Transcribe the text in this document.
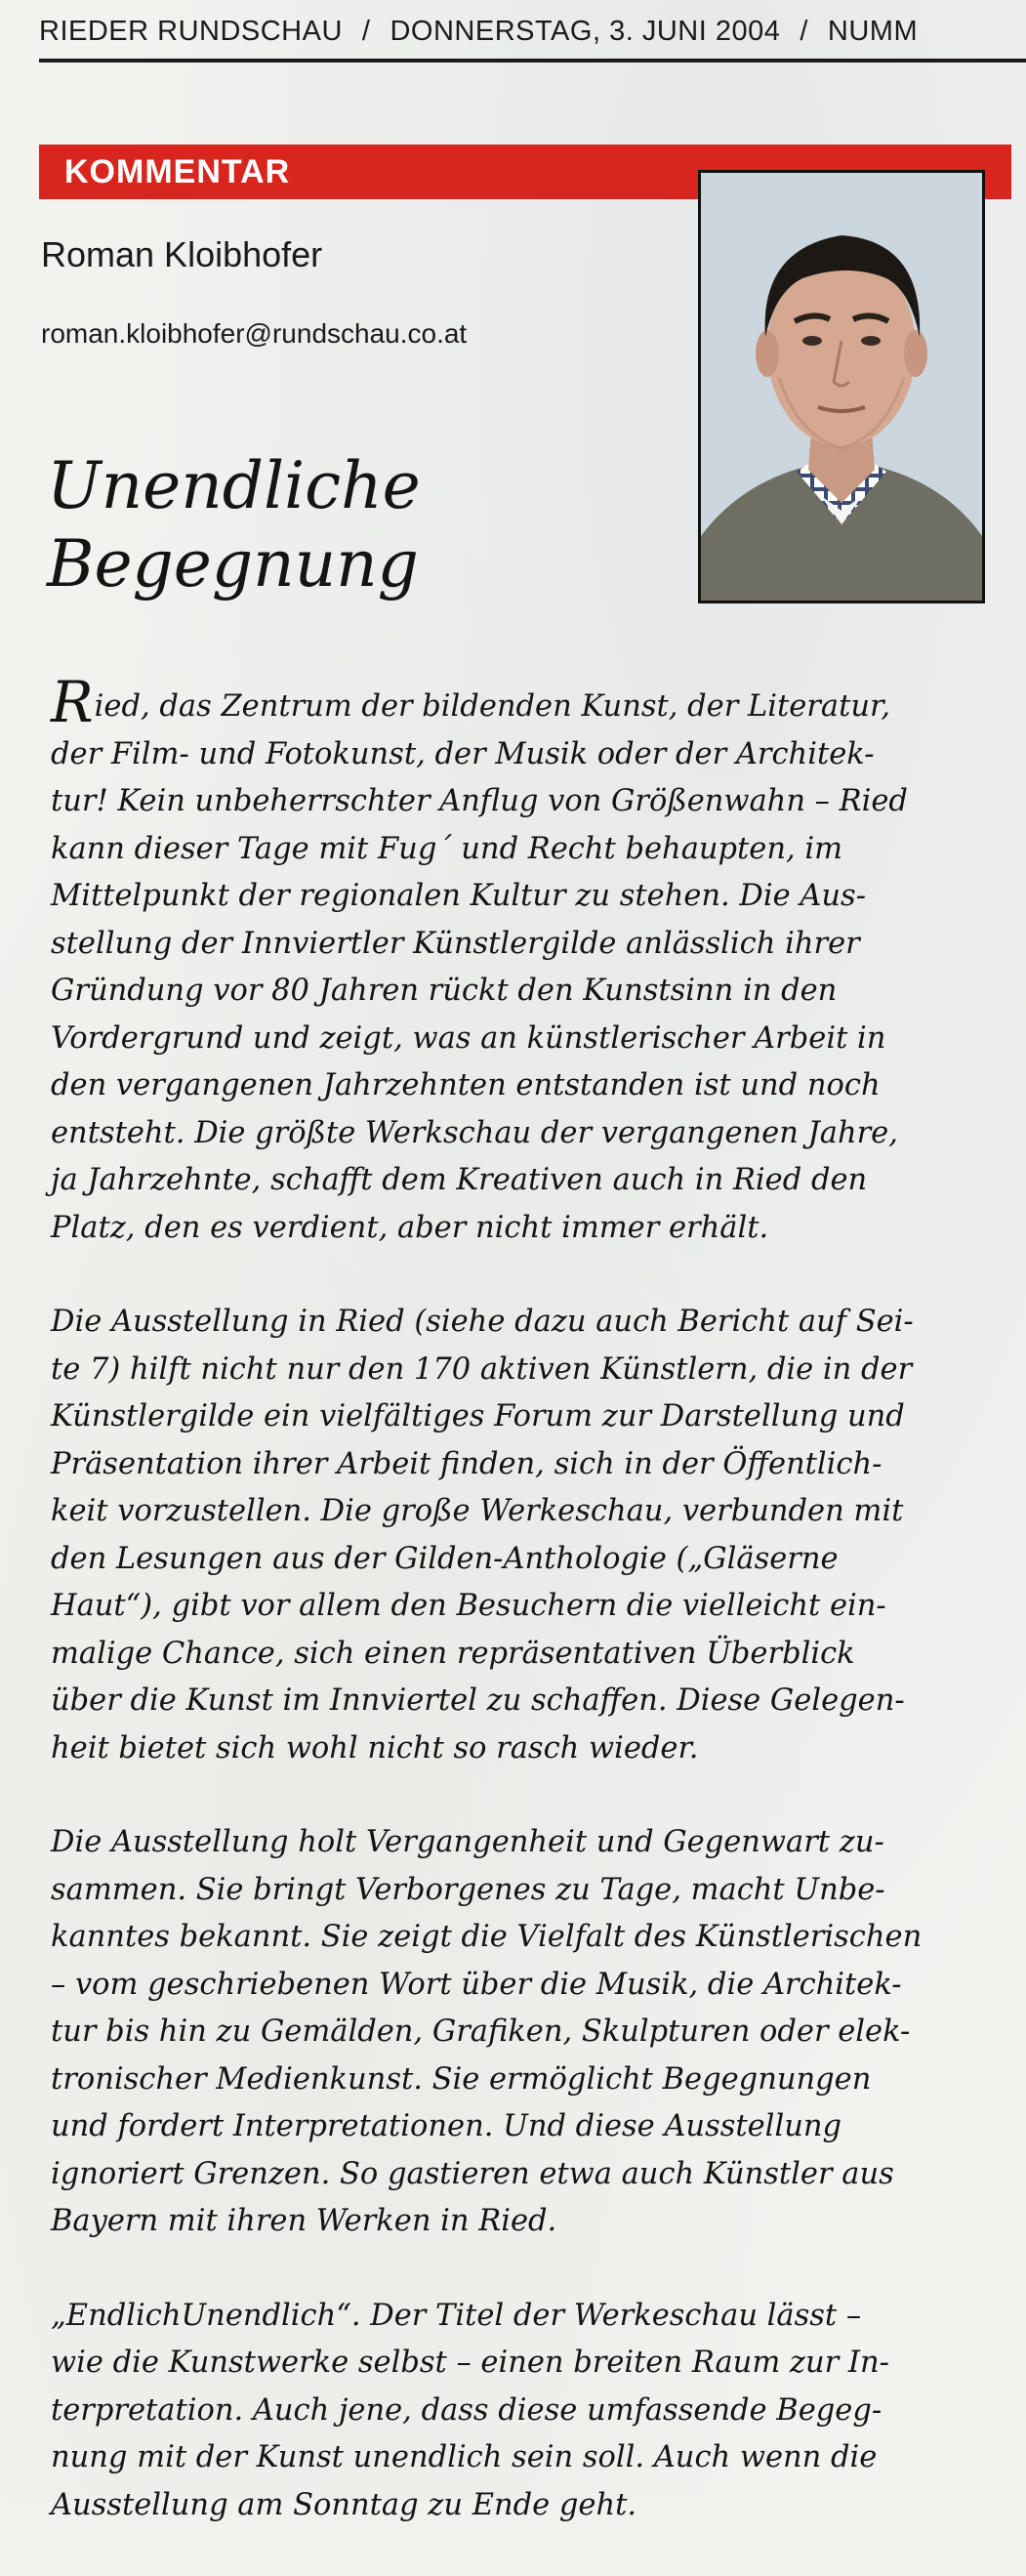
RIEDER RUNDSCHAU / DONNERSTAG, 3. JUNI 2004 / NUMM
KOMMENTAR
Roman Kloibhofer
roman.kloibhofer@rundschau.co.at
Unendliche
Begegnung
Ried, das Zentrum der bildenden Kunst, der Literatur,
der Film- und Fotokunst, der Musik oder der Architek-
tur! Kein unbeherrschter Anflug von Größenwahn – Ried
kann dieser Tage mit Fug´ und Recht behaupten, im
Mittelpunkt der regionalen Kultur zu stehen. Die Aus-
stellung der Innviertler Künstlergilde anlässlich ihrer
Gründung vor 80 Jahren rückt den Kunstsinn in den
Vordergrund und zeigt, was an künstlerischer Arbeit in
den vergangenen Jahrzehnten entstanden ist und noch
entsteht. Die größte Werkschau der vergangenen Jahre,
ja Jahrzehnte, schafft dem Kreativen auch in Ried den
Platz, den es verdient, aber nicht immer erhält.
Die Ausstellung in Ried (siehe dazu auch Bericht auf Sei-
te 7) hilft nicht nur den 170 aktiven Künstlern, die in der
Künstlergilde ein vielfältiges Forum zur Darstellung und
Präsentation ihrer Arbeit finden, sich in der Öffentlich-
keit vorzustellen. Die große Werkeschau, verbunden mit
den Lesungen aus der Gilden-Anthologie („Gläserne
Haut“), gibt vor allem den Besuchern die vielleicht ein-
malige Chance, sich einen repräsentativen Überblick
über die Kunst im Innviertel zu schaffen. Diese Gelegen-
heit bietet sich wohl nicht so rasch wieder.
Die Ausstellung holt Vergangenheit und Gegenwart zu-
sammen. Sie bringt Verborgenes zu Tage, macht Unbe-
kanntes bekannt. Sie zeigt die Vielfalt des Künstlerischen
– vom geschriebenen Wort über die Musik, die Architek-
tur bis hin zu Gemälden, Grafiken, Skulpturen oder elek-
tronischer Medienkunst. Sie ermöglicht Begegnungen
und fordert Interpretationen. Und diese Ausstellung
ignoriert Grenzen. So gastieren etwa auch Künstler aus
Bayern mit ihren Werken in Ried.
„EndlichUnendlich“. Der Titel der Werkeschau lässt –
wie die Kunstwerke selbst – einen breiten Raum zur In-
terpretation. Auch jene, dass diese umfassende Begeg-
nung mit der Kunst unendlich sein soll. Auch wenn die
Ausstellung am Sonntag zu Ende geht.
